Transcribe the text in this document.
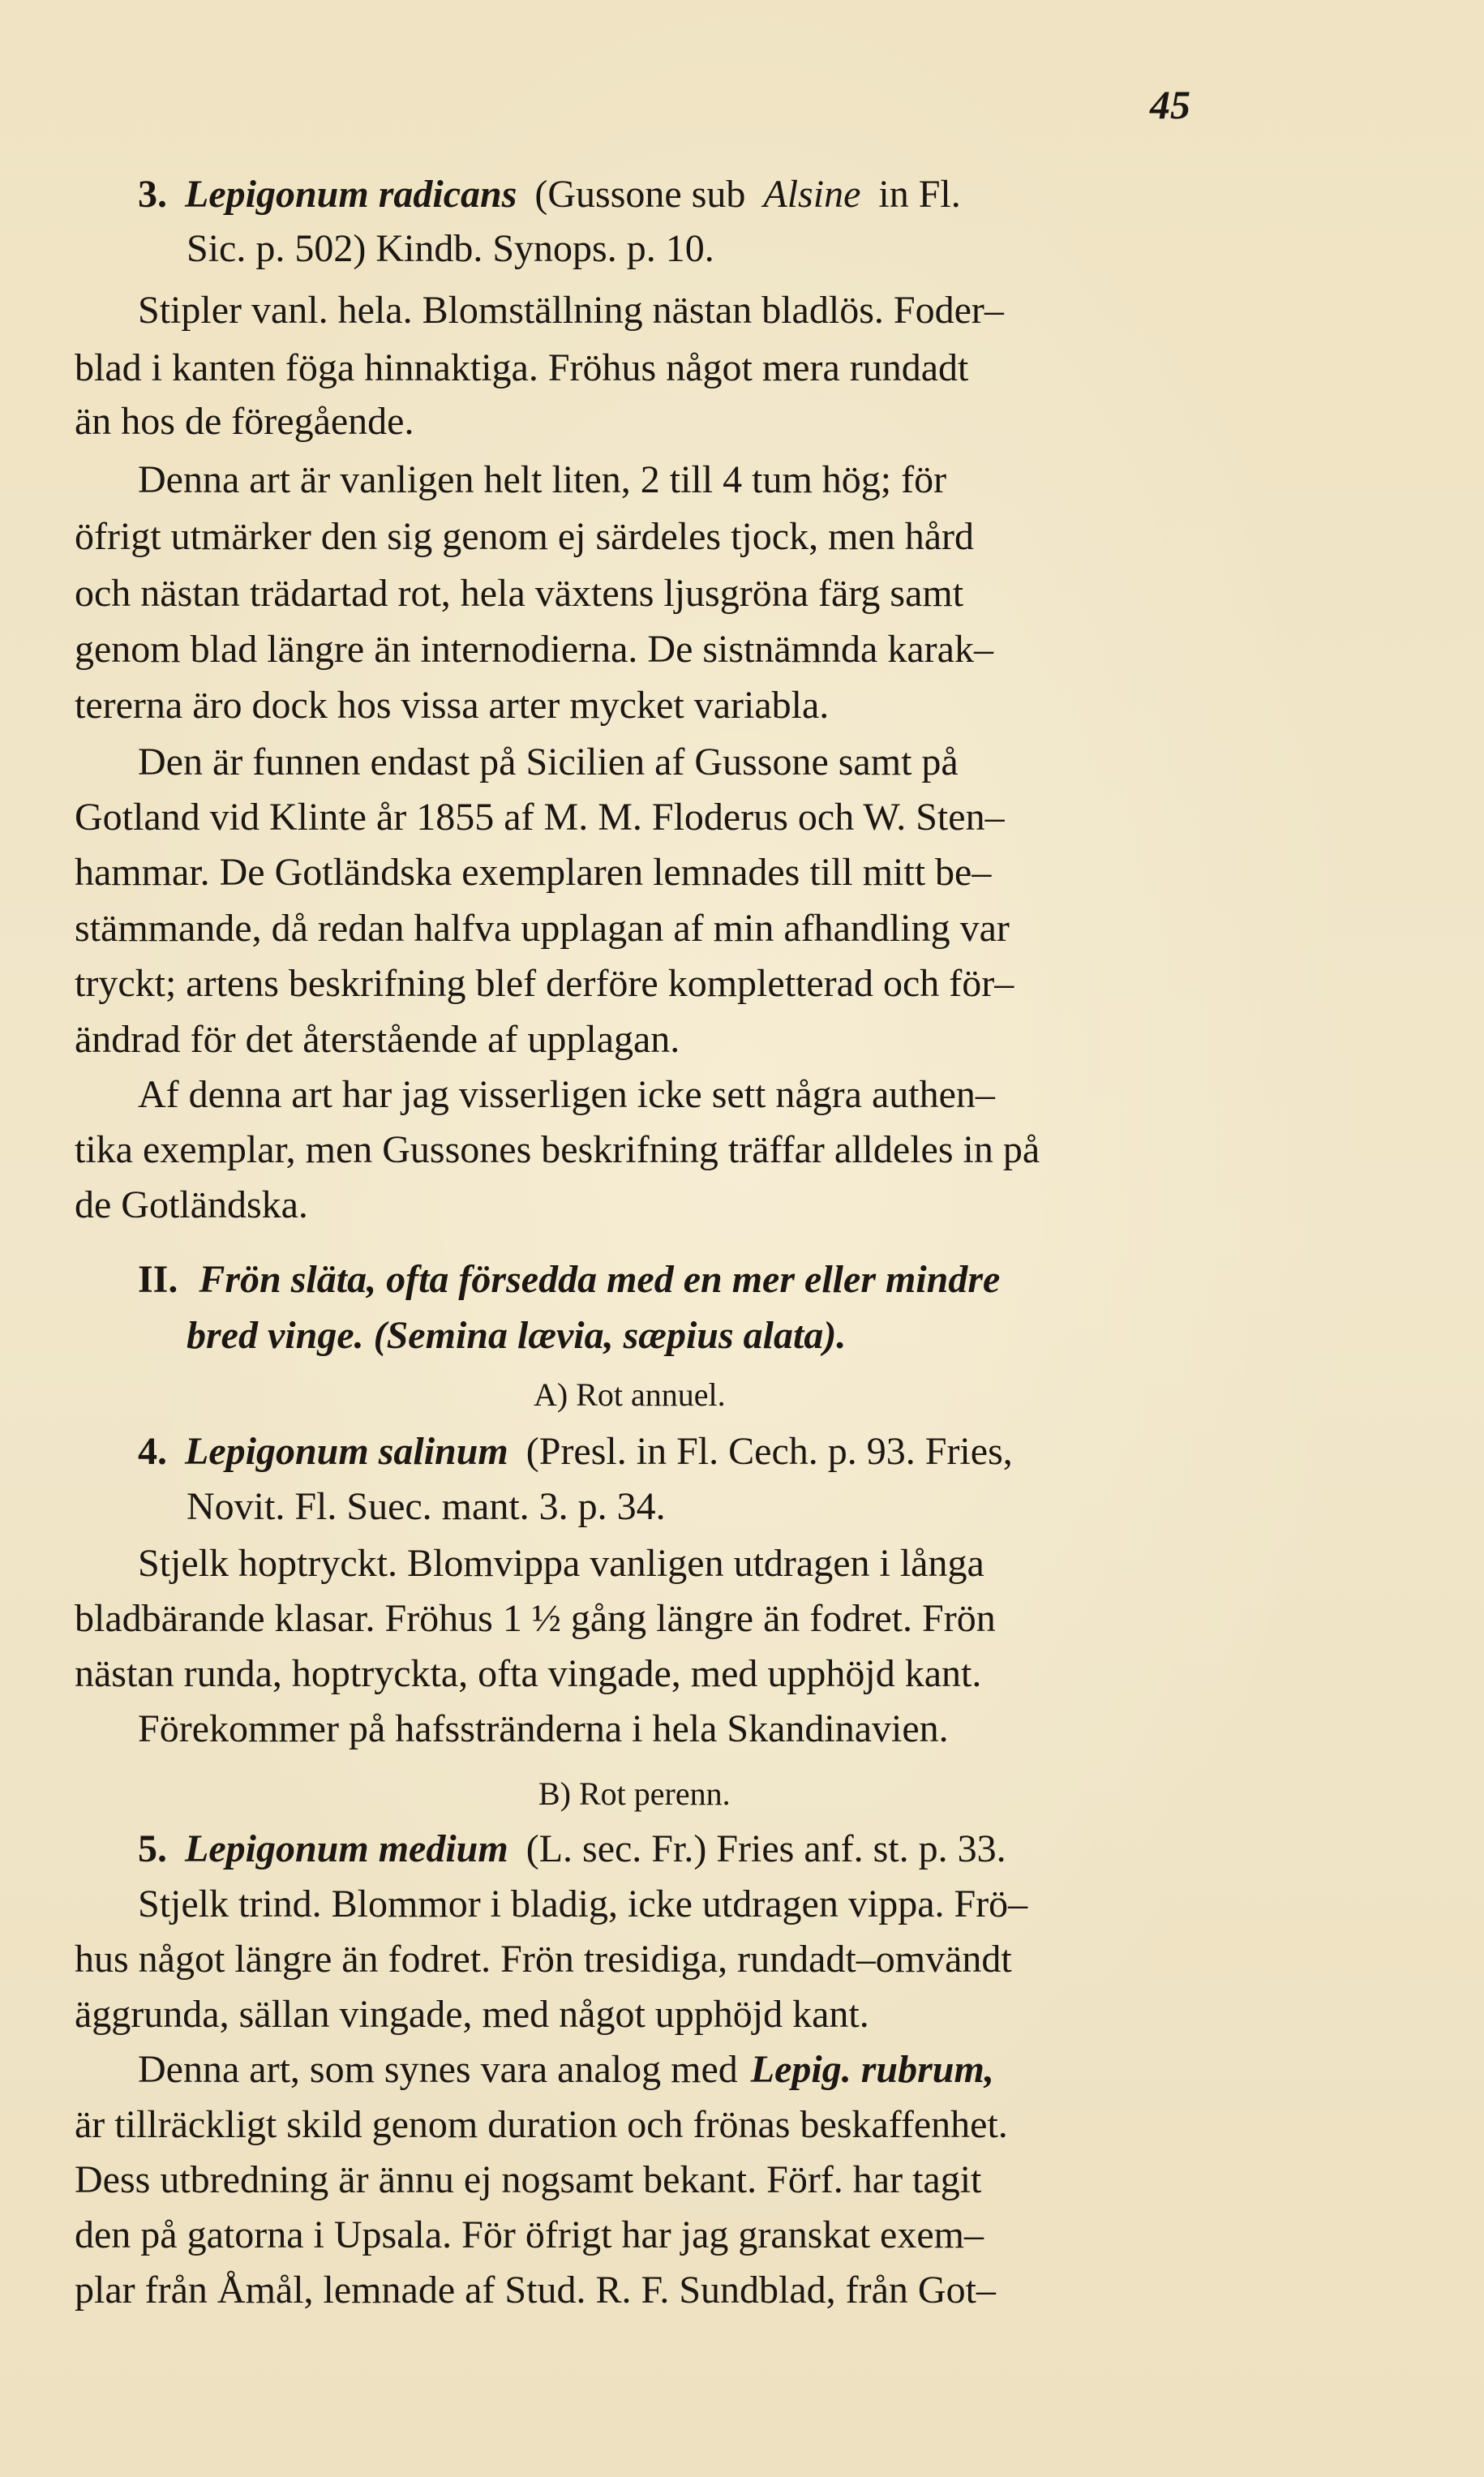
45
3. Lepigonum radicans (Gussone sub Alsine in Fl.
Sic. p. 502) Kindb. Synops. p. 10.
Stipler vanl. hela. Blomställning nästan bladlös. Foder–
blad i kanten föga hinnaktiga. Fröhus något mera rundadt
än hos de föregående.
Denna art är vanligen helt liten, 2 till 4 tum hög; för
öfrigt utmärker den sig genom ej särdeles tjock, men hård
och nästan trädartad rot, hela växtens ljusgröna färg samt
genom blad längre än internodierna. De sistnämnda karak–
tererna äro dock hos vissa arter mycket variabla.
Den är funnen endast på Sicilien af Gussone samt på
Gotland vid Klinte år 1855 af M. M. Floderus och W. Sten–
hammar. De Gotländska exemplaren lemnades till mitt be–
stämmande, då redan halfva upplagan af min afhandling var
tryckt; artens beskrifning blef derföre kompletterad och för–
ändrad för det återstående af upplagan.
Af denna art har jag visserligen icke sett några authen–
tika exemplar, men Gussones beskrifning träffar alldeles in på
de Gotländska.
II. Frön släta, ofta försedda med en mer eller mindre
bred vinge. (Semina lævia, sæpius alata).
A) Rot annuel.
4. Lepigonum salinum (Presl. in Fl. Cech. p. 93. Fries,
Novit. Fl. Suec. mant. 3. p. 34.
Stjelk hoptryckt. Blomvippa vanligen utdragen i långa
bladbärande klasar. Fröhus 1 ½ gång längre än fodret. Frön
nästan runda, hoptryckta, ofta vingade, med upphöjd kant.
Förekommer på hafsstränderna i hela Skandinavien.
B) Rot perenn.
5. Lepigonum medium (L. sec. Fr.) Fries anf. st. p. 33.
Stjelk trind. Blommor i bladig, icke utdragen vippa. Frö–
hus något längre än fodret. Frön tresidiga, rundadt–omvändt
äggrunda, sällan vingade, med något upphöjd kant.
Denna art, som synes vara analog med Lepig. rubrum,
är tillräckligt skild genom duration och frönas beskaffenhet.
Dess utbredning är ännu ej nogsamt bekant. Förf. har tagit
den på gatorna i Upsala. För öfrigt har jag granskat exem–
plar från Åmål, lemnade af Stud. R. F. Sundblad, från Got–
